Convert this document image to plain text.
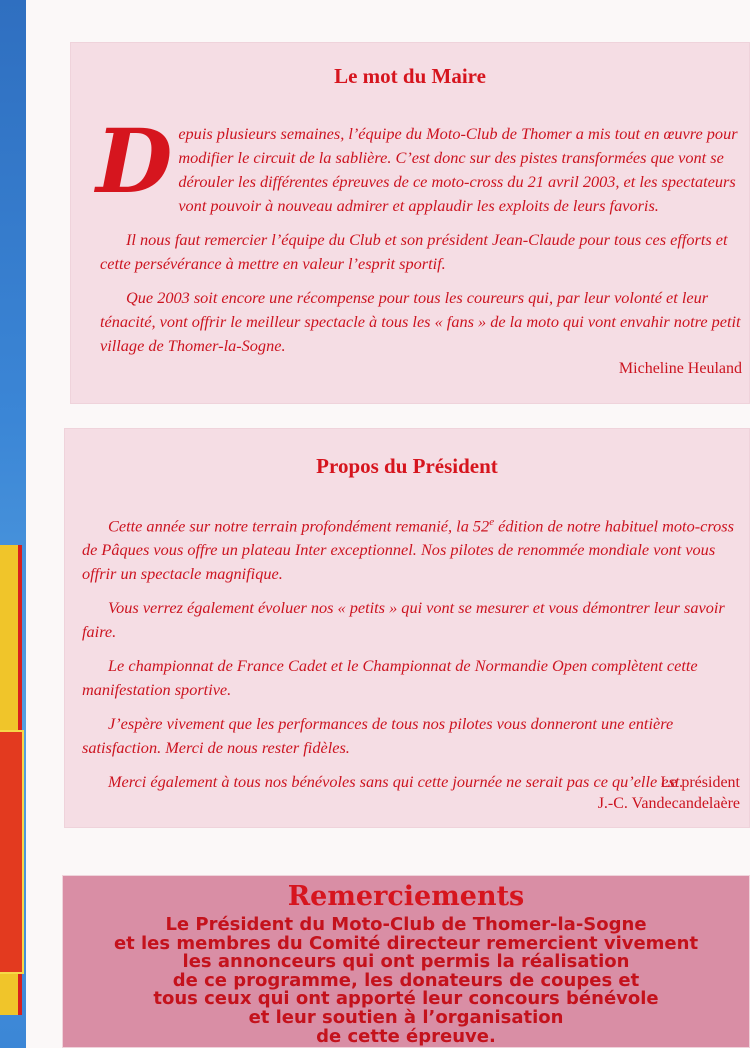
Le mot du Maire

Depuis plusieurs semaines, l’équipe du Moto-Club de Thomer a mis tout en œuvre pour modifier le circuit de la sablière. C’est donc sur des pistes transformées que vont se dérouler les différentes épreuves de ce moto-cross du 21 avril 2003, et les spectateurs vont pouvoir à nouveau admirer et applaudir les exploits de leurs favoris.

Il nous faut remercier l’équipe du Club et son président Jean-Claude pour tous ces efforts et cette persévérance à mettre en valeur l’esprit sportif.

Que 2003 soit encore une récompense pour tous les coureurs qui, par leur volonté et leur ténacité, vont offrir le meilleur spectacle à tous les « fans » de la moto qui vont envahir notre petit village de Thomer-la-Sogne.

Micheline Heuland
Propos du Président

Cette année sur notre terrain profondément remanié, la 52e édition de notre habituel moto-cross de Pâques vous offre un plateau Inter exceptionnel. Nos pilotes de renommée mondiale vont vous offrir un spectacle magnifique.

Vous verrez également évoluer nos « petits » qui vont se mesurer et vous démontrer leur savoir faire.

Le championnat de France Cadet et le Championnat de Normandie Open complètent cette manifestation sportive.

J’espère vivement que les performances de tous nos pilotes vous donneront une entière satisfaction. Merci de nous rester fidèles.

Merci également à tous nos bénévoles sans qui cette journée ne serait pas ce qu’elle est.

Le président
J.-C. Vandecandelaère
Remerciements
Le Président du Moto-Club de Thomer-la-Sogne
et les membres du Comité directeur remercient vivement
les annonceurs qui ont permis la réalisation
de ce programme, les donateurs de coupes et
tous ceux qui ont apporté leur concours bénévole
et leur soutien à l’organisation
de cette épreuve.
